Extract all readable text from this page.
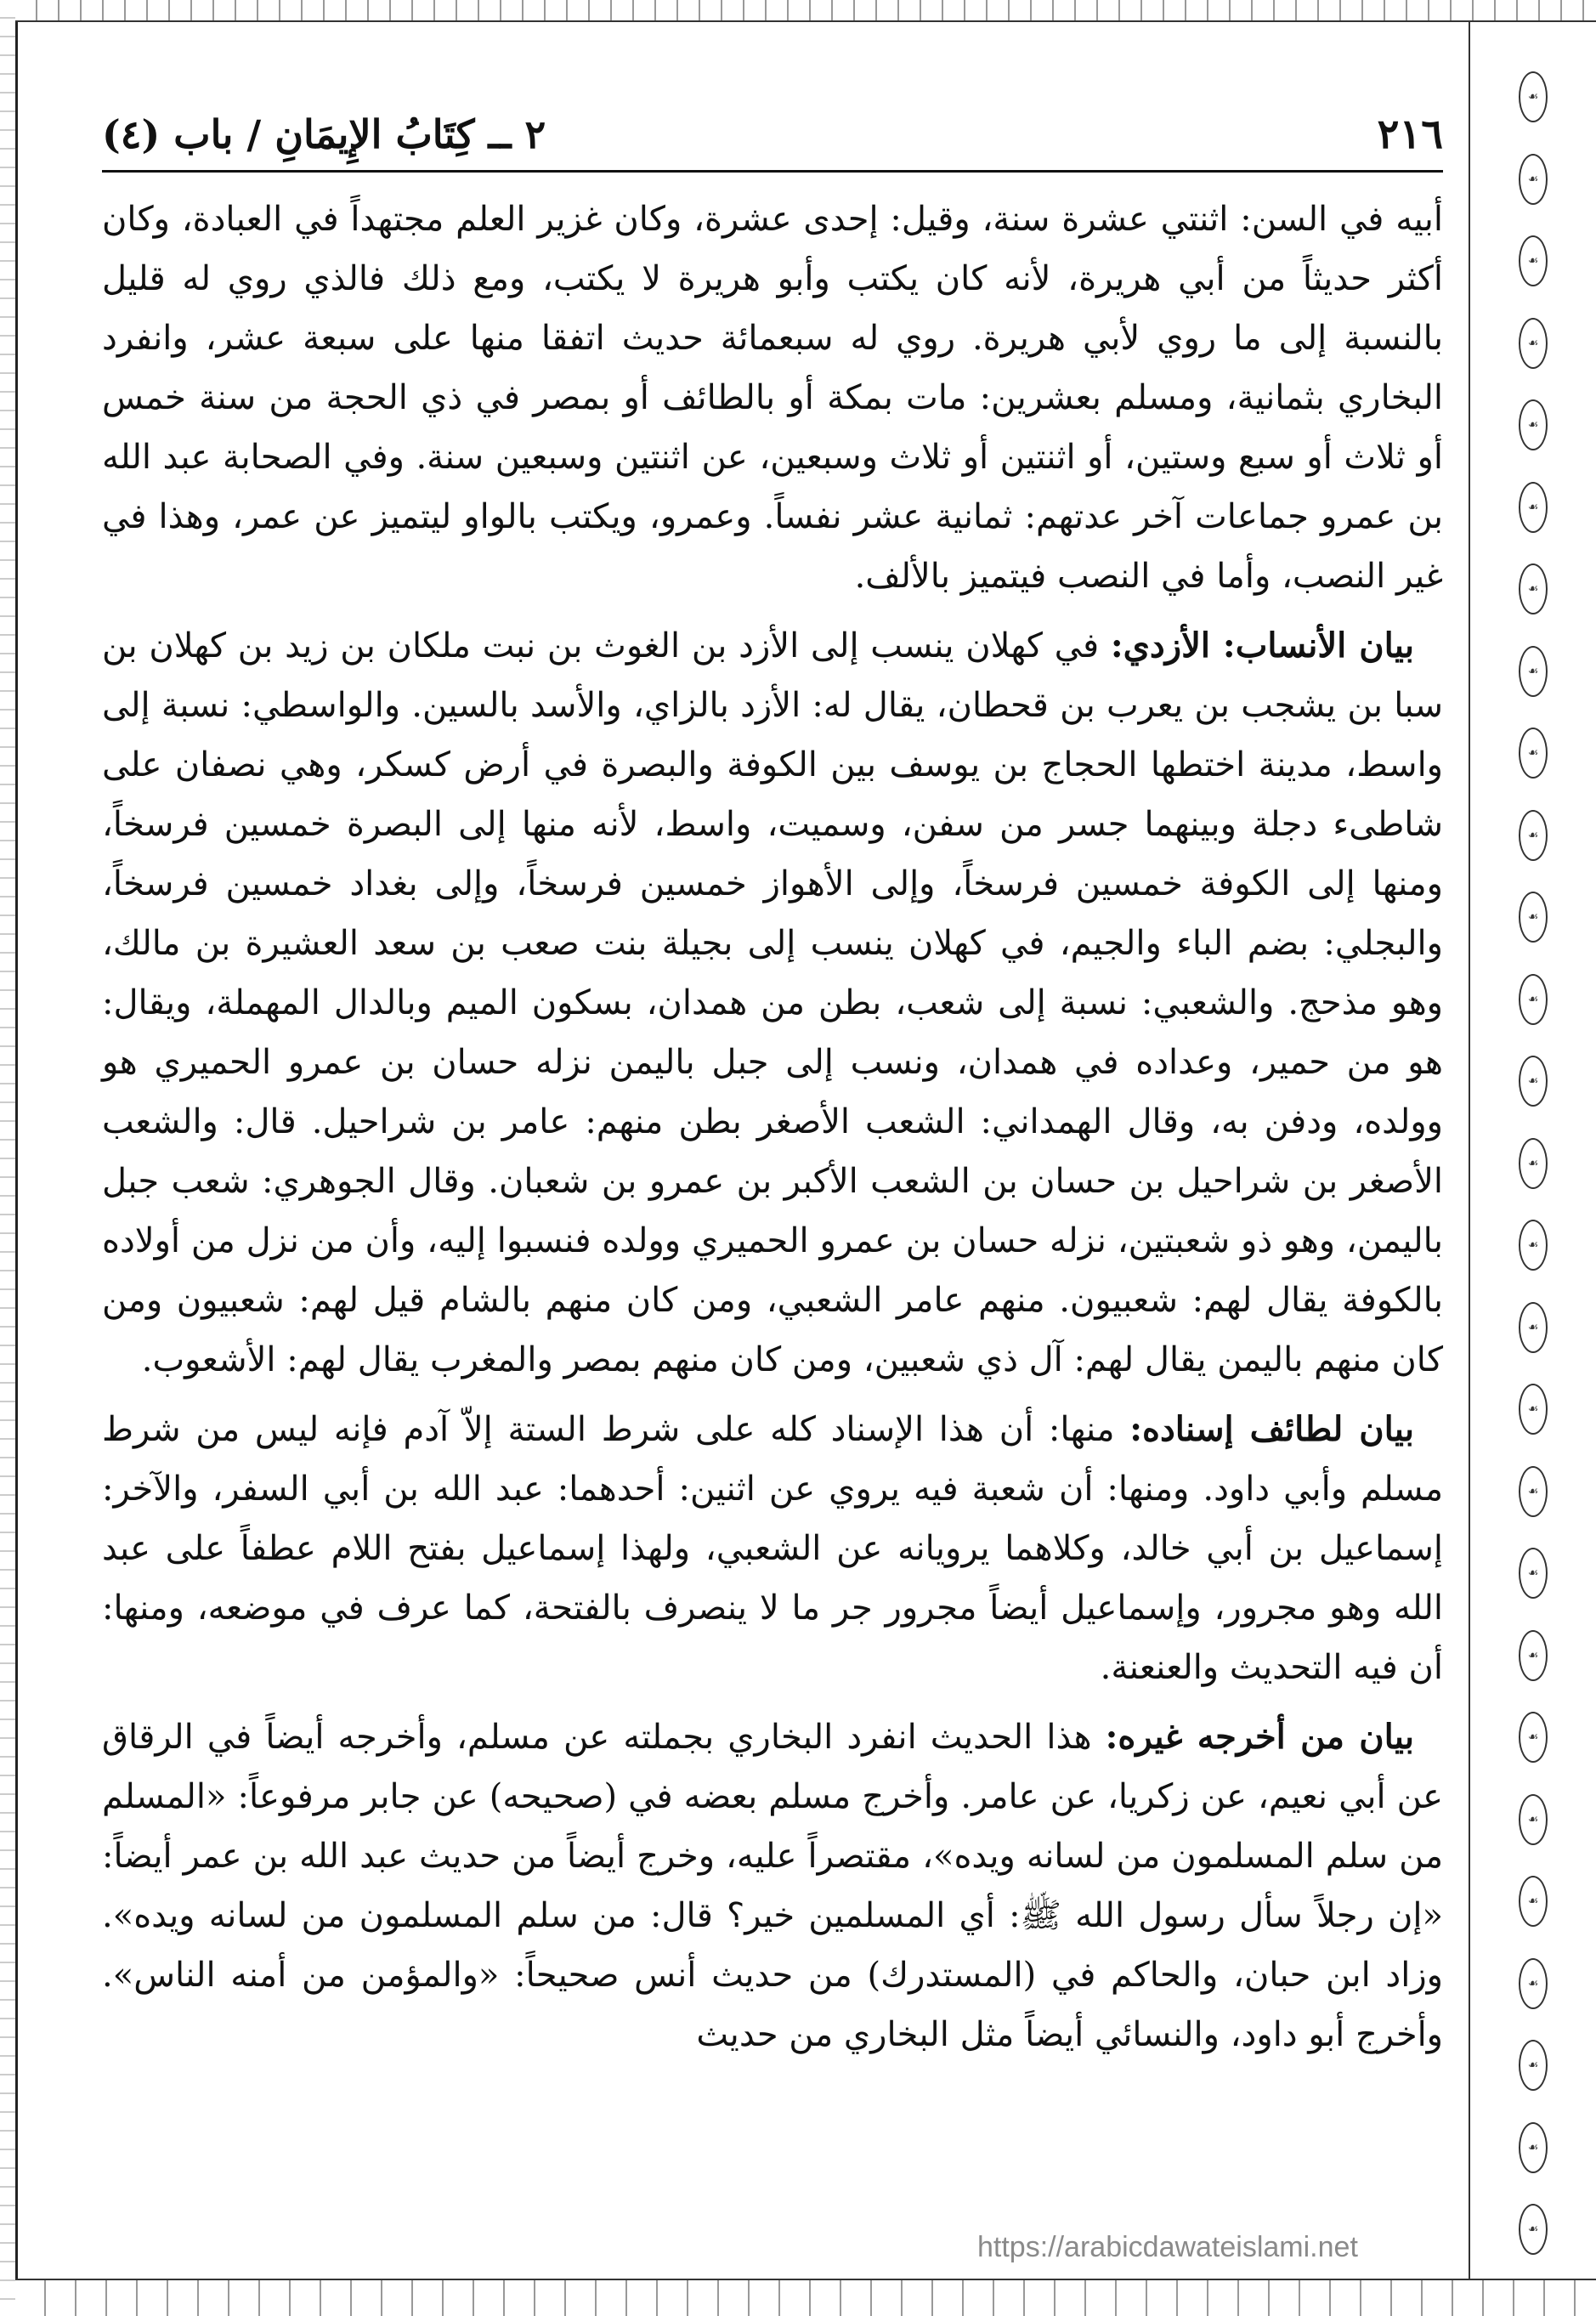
☙
☙
☙
☙
☙
☙
☙
☙
☙
☙
☙
☙
☙
☙
☙
☙
☙
☙
☙
☙
☙
☙
☙
☙
☙
☙
☙
٢١٦
٢ ــ كِتَابُ الإِيمَانِ / باب (٤)

أبيه في السن: اثنتي عشرة سنة، وقيل: إحدى عشرة، وكان غزير العلم مجتهداً في العبادة، وكان أكثر حديثاً من أبي هريرة، لأنه كان يكتب وأبو هريرة لا يكتب، ومع ذلك فالذي روي له قليل بالنسبة إلى ما روي لأبي هريرة. روي له سبعمائة حديث اتفقا منها على سبعة عشر، وانفرد البخاري بثمانية، ومسلم بعشرين: مات بمكة أو بالطائف أو بمصر في ذي الحجة من سنة خمس أو ثلاث أو سبع وستين، أو اثنتين أو ثلاث وسبعين، عن اثنتين وسبعين سنة. وفي الصحابة عبد الله بن عمرو جماعات آخر عدتهم: ثمانية عشر نفساً. وعمرو، ويكتب بالواو ليتميز عن عمر، وهذا في غير النصب، وأما في النصب فيتميز بالألف.

بيان الأنساب: الأزدي: في كهلان ينسب إلى الأزد بن الغوث بن نبت ملكان بن زيد بن كهلان بن سبا بن يشجب بن يعرب بن قحطان، يقال له: الأزد بالزاي، والأسد بالسين. والواسطي: نسبة إلى واسط، مدينة اختطها الحجاج بن يوسف بين الكوفة والبصرة في أرض كسكر، وهي نصفان على شاطىء دجلة وبينهما جسر من سفن، وسميت، واسط، لأنه منها إلى البصرة خمسين فرسخاً، ومنها إلى الكوفة خمسين فرسخاً، وإلى الأهواز خمسين فرسخاً، وإلى بغداد خمسين فرسخاً، والبجلي: بضم الباء والجيم، في كهلان ينسب إلى بجيلة بنت صعب بن سعد العشيرة بن مالك، وهو مذحج. والشعبي: نسبة إلى شعب، بطن من همدان، بسكون الميم وبالدال المهملة، ويقال: هو من حمير، وعداده في همدان، ونسب إلى جبل باليمن نزله حسان بن عمرو الحميري هو وولده، ودفن به، وقال الهمداني: الشعب الأصغر بطن منهم: عامر بن شراحيل. قال: والشعب الأصغر بن شراحيل بن حسان بن الشعب الأكبر بن عمرو بن شعبان. وقال الجوهري: شعب جبل باليمن، وهو ذو شعبتين، نزله حسان بن عمرو الحميري وولده فنسبوا إليه، وأن من نزل من أولاده بالكوفة يقال لهم: شعبيون. منهم عامر الشعبي، ومن كان منهم بالشام قيل لهم: شعبيون ومن كان منهم باليمن يقال لهم: آل ذي شعبين، ومن كان منهم بمصر والمغرب يقال لهم: الأشعوب.

بيان لطائف إسناده: منها: أن هذا الإسناد كله على شرط الستة إلاّ آدم فإنه ليس من شرط مسلم وأبي داود. ومنها: أن شعبة فيه يروي عن اثنين: أحدهما: عبد الله بن أبي السفر، والآخر: إسماعيل بن أبي خالد، وكلاهما يرويانه عن الشعبي، ولهذا إسماعيل بفتح اللام عطفاً على عبد الله وهو مجرور، وإسماعيل أيضاً مجرور جر ما لا ينصرف بالفتحة، كما عرف في موضعه، ومنها: أن فيه التحديث والعنعنة.

بيان من أخرجه غيره: هذا الحديث انفرد البخاري بجملته عن مسلم، وأخرجه أيضاً في الرقاق عن أبي نعيم، عن زكريا، عن عامر. وأخرج مسلم بعضه في (صحيحه) عن جابر مرفوعاً: «المسلم من سلم المسلمون من لسانه ويده»، مقتصراً عليه، وخرج أيضاً من حديث عبد الله بن عمر أيضاً: «إن رجلاً سأل رسول الله ﷺ: أي المسلمين خير؟ قال: من سلم المسلمون من لسانه ويده». وزاد ابن حبان، والحاكم في (المستدرك) من حديث أنس صحيحاً: «والمؤمن من أمنه الناس». وأخرج أبو داود، والنسائي أيضاً مثل البخاري من حديث

https://arabicdawateislami.net
